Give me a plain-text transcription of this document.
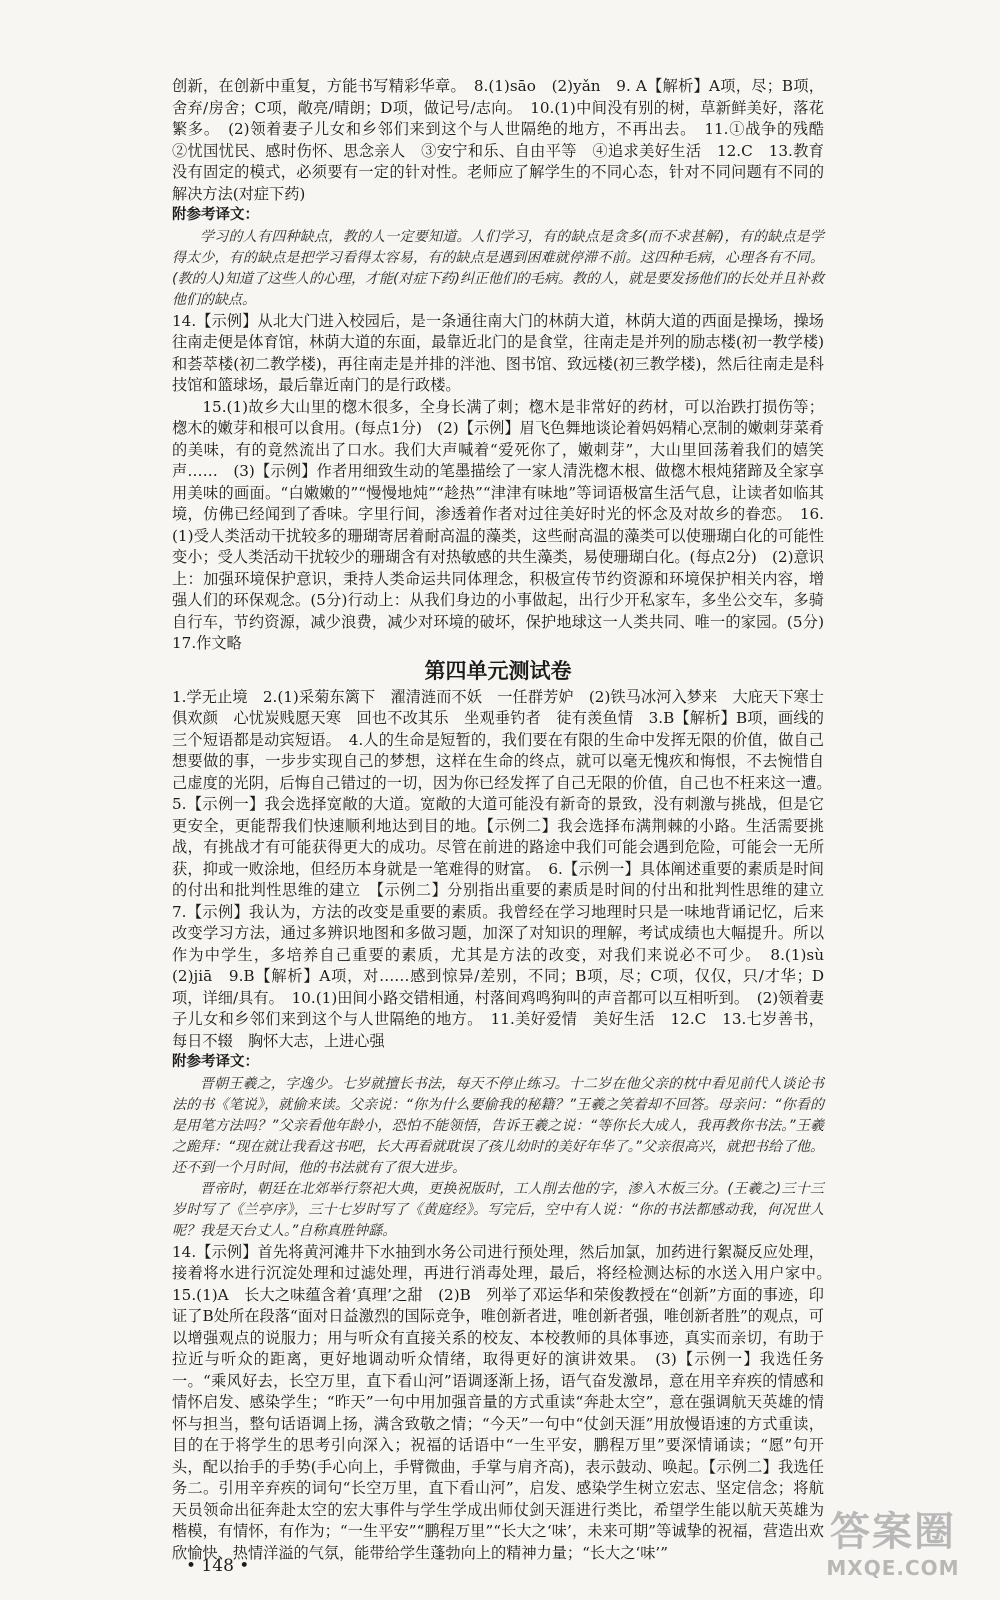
创新，在创新中重复，方能书写精彩华章。　8.(1)sāo　(2)yǎn　9. A【解析】A项，尽；B项，舍弃/房舍；C项，敞亮/晴朗；D项，做记号/志向。　10.(1)中间没有别的树，草新鲜美好，落花繁多。　(2)领着妻子儿女和乡邻们来到这个与人世隔绝的地方，不再出去。　11.①战争的残酷　②忧国忧民、感时伤怀、思念亲人　③安宁和乐、自由平等　④追求美好生活　12.C　13.教育没有固定的模式，必须要有一定的针对性。老师应了解学生的不同心态，针对不同问题有不同的解决方法(对症下药)

附参考译文：

学习的人有四种缺点，教的人一定要知道。人们学习，有的缺点是贪多(而不求甚解)，有的缺点是学得太少，有的缺点是把学习看得太容易，有的缺点是遇到困难就停滞不前。这四种毛病，心理各有不同。(教的人)知道了这些人的心理，才能(对症下药)纠正他们的毛病。教的人，就是要发扬他们的长处并且补救他们的缺点。

14.【示例】从北大门进入校园后，是一条通往南大门的林荫大道，林荫大道的西面是操场，操场往南走便是体育馆，林荫大道的东面，最靠近北门的是食堂，往南走是并列的励志楼(初一教学楼)和荟萃楼(初二教学楼)，再往南走是并排的泮池、图书馆、致远楼(初三教学楼)，然后往南走是科技馆和篮球场，最后靠近南门的是行政楼。

15.(1)故乡大山里的楤木很多，全身长满了刺；楤木是非常好的药材，可以治跌打损伤等；楤木的嫩芽和根可以食用。(每点1分)　(2)【示例】眉飞色舞地谈论着妈妈精心烹制的嫩刺芽菜肴的美味，有的竟然流出了口水。我们大声喊着“爱死你了，嫩刺芽”，大山里回荡着我们的嬉笑声……　(3)【示例】作者用细致生动的笔墨描绘了一家人清洗楤木根、做楤木根炖猪蹄及全家享用美味的画面。“白嫩嫩的”“慢慢地炖”“趁热”“津津有味地”等词语极富生活气息，让读者如临其境，仿佛已经闻到了香味。字里行间，渗透着作者对过往美好时光的怀念及对故乡的眷恋。　16.(1)受人类活动干扰较多的珊瑚寄居着耐高温的藻类，这些耐高温的藻类可以使珊瑚白化的可能性变小；受人类活动干扰较少的珊瑚含有对热敏感的共生藻类，易使珊瑚白化。(每点2分)　(2)意识上：加强环境保护意识，秉持人类命运共同体理念，积极宣传节约资源和环境保护相关内容，增强人们的环保观念。(5分)行动上：从我们身边的小事做起，出行少开私家车，多坐公交车，多骑自行车，节约资源，减少浪费，减少对环境的破坏，保护地球这一人类共同、唯一的家园。(5分)　17.作文略

第四单元测试卷

1.学无止境　2.(1)采菊东篱下　濯清涟而不妖　一任群芳妒　(2)铁马冰河入梦来　大庇天下寒士俱欢颜　心忧炭贱愿天寒　回也不改其乐　坐观垂钓者　徒有羡鱼情　3.B【解析】B项，画线的三个短语都是动宾短语。　4.人的生命是短暂的，我们要在有限的生命中发挥无限的价值，做自己想要做的事，一步步实现自己的梦想，这样在生命的终点，就可以毫无愧疚和悔恨，不去惋惜自己虚度的光阴，后悔自己错过的一切，因为你已经发挥了自己无限的价值，自己也不枉来这一遭。　5.【示例一】我会选择宽敞的大道。宽敞的大道可能没有新奇的景致，没有刺激与挑战，但是它更安全，更能帮我们快速顺利地达到目的地。【示例二】我会选择布满荆棘的小路。生活需要挑战，有挑战才有可能获得更大的成功。尽管在前进的路途中我们可能会遇到危险，可能会一无所获，抑或一败涂地，但经历本身就是一笔难得的财富。　6.【示例一】具体阐述重要的素质是时间的付出和批判性思维的建立　【示例二】分别指出重要的素质是时间的付出和批判性思维的建立　7.【示例】我认为，方法的改变是重要的素质。我曾经在学习地理时只是一味地背诵记忆，后来改变学习方法，通过多辨识地图和多做习题，加深了对知识的理解，考试成绩也大幅提升。所以作为中学生，多培养自己重要的素质，尤其是方法的改变，对我们来说必不可少。　8.(1)sù　(2)jiā　9.B【解析】A项，对……感到惊异/差别，不同；B项，尽；C项，仅仅，只/才华；D项，详细/具有。　10.(1)田间小路交错相通，村落间鸡鸣狗叫的声音都可以互相听到。　(2)领着妻子儿女和乡邻们来到这个与人世隔绝的地方。　11.美好爱情　美好生活　12.C　13.七岁善书，每日不辍　胸怀大志，上进心强

附参考译文：

晋朝王羲之，字逸少。七岁就擅长书法，每天不停止练习。十二岁在他父亲的枕中看见前代人谈论书法的书《笔说》，就偷来读。父亲说：“你为什么要偷我的秘籍？”王羲之笑着却不回答。母亲问：“你看的是用笔方法吗？”父亲看他年龄小，恐怕不能领悟，告诉王羲之说：“等你长大成人，我再教你书法。”王羲之跪拜：“现在就让我看这书吧，长大再看就耽误了孩儿幼时的美好年华了。”父亲很高兴，就把书给了他。还不到一个月时间，他的书法就有了很大进步。

晋帝时，朝廷在北郊举行祭祀大典，更换祝版时，工人削去他的字，渗入木板三分。(王羲之)三十三岁时写了《兰亭序》，三十七岁时写了《黄庭经》。写完后，空中有人说：“你的书法都感动我，何况世人呢？我是天台丈人。”自称真胜钟繇。

14.【示例】首先将黄河滩井下水抽到水务公司进行预处理，然后加氯，加药进行絮凝反应处理，接着将水进行沉淀处理和过滤处理，再进行消毒处理，最后，将经检测达标的水送入用户家中。　15.(1)A　长大之味蕴含着‘真理’之甜　(2)B　列举了邓运华和荣俊教授在“创新”方面的事迹，印证了B处所在段落“面对日益激烈的国际竞争，唯创新者进，唯创新者强，唯创新者胜”的观点，可以增强观点的说服力；用与听众有直接关系的校友、本校教师的具体事迹，真实而亲切，有助于拉近与听众的距离，更好地调动听众情绪，取得更好的演讲效果。　(3)【示例一】我选任务一。“乘风好去，长空万里，直下看山河”语调逐渐上扬，语气奋发激昂，意在用辛弃疾的情感和情怀启发、感染学生；“昨天”一句中用加强音量的方式重读“奔赴太空”，意在强调航天英雄的情怀与担当，整句话语调上扬，满含致敬之情；“今天”一句中“仗剑天涯”用放慢语速的方式重读，目的在于将学生的思考引向深入；祝福的话语中“一生平安，鹏程万里”要深情诵读；“愿”句开头，配以抬手的手势(手心向上，手臂微曲，手掌与肩齐高)，表示鼓动、唤起。【示例二】我选任务二。引用辛弃疾的词句“长空万里，直下看山河”，启发、感染学生树立宏志、坚定信念；将航天员领命出征奔赴太空的宏大事件与学生学成出师仗剑天涯进行类比，希望学生能以航天英雄为楷模，有情怀，有作为；“一生平安”“鹏程万里”“长大之‘味’，未来可期”等诚挚的祝福，营造出欢欣愉快、热情洋溢的气氛，能带给学生蓬勃向上的精神力量；“长大之‘味’”

• 148 •
答案圈
MXQE.COM
